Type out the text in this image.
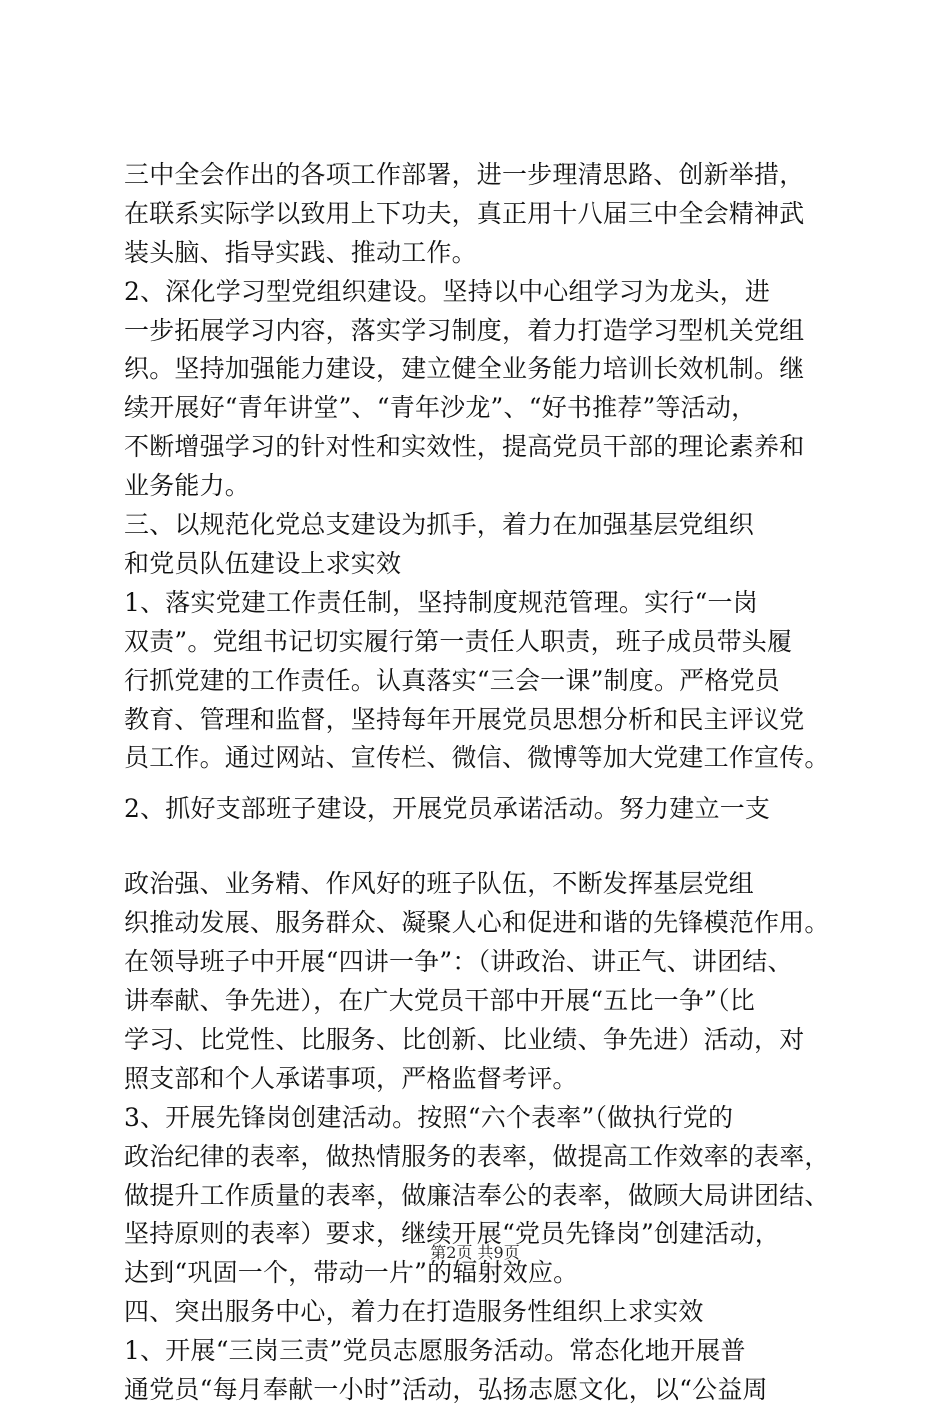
三中全会作出的各项工作部署，进一步理清思路、创新举措，
在联系实际学以致用上下功夫，真正用十八届三中全会精神武
装头脑、指导实践、推动工作。
2、深化学习型党组织建设。坚持以中心组学习为龙头，进
一步拓展学习内容，落实学习制度，着力打造学习型机关党组
织。坚持加强能力建设，建立健全业务能力培训长效机制。继
续开展好“青年讲堂”、“青年沙龙”、“好书推荐”等活动，
不断增强学习的针对性和实效性，提高党员干部的理论素养和
业务能力。
三、以规范化党总支建设为抓手，着力在加强基层党组织
和党员队伍建设上求实效
1、落实党建工作责任制，坚持制度规范管理。实行“一岗
双责”。党组书记切实履行第一责任人职责，班子成员带头履
行抓党建的工作责任。认真落实“三会一课”制度。严格党员
教育、管理和监督，坚持每年开展党员思想分析和民主评议党
员工作。通过网站、宣传栏、微信、微博等加大党建工作宣传。
2、抓好支部班子建设，开展党员承诺活动。努力建立一支
政治强、业务精、作风好的班子队伍，不断发挥基层党组
织推动发展、服务群众、凝聚人心和促进和谐的先锋模范作用。
在领导班子中开展“四讲一争”：（讲政治、讲正气、讲团结、
讲奉献、争先进），在广大党员干部中开展“五比一争”（比
学习、比党性、比服务、比创新、比业绩、争先进）活动，对
照支部和个人承诺事项，严格监督考评。
3、开展先锋岗创建活动。按照“六个表率”（做执行党的
政治纪律的表率，做热情服务的表率，做提高工作效率的表率，
做提升工作质量的表率，做廉洁奉公的表率，做顾大局讲团结、
坚持原则的表率）要求，继续开展“党员先锋岗”创建活动，
达到“巩固一个，带动一片”的辐射效应。
四、突出服务中心，着力在打造服务性组织上求实效
1、开展“三岗三责”党员志愿服务活动。常态化地开展普
通党员“每月奉献一小时”活动，弘扬志愿文化，以“公益周
第2页 共9页
